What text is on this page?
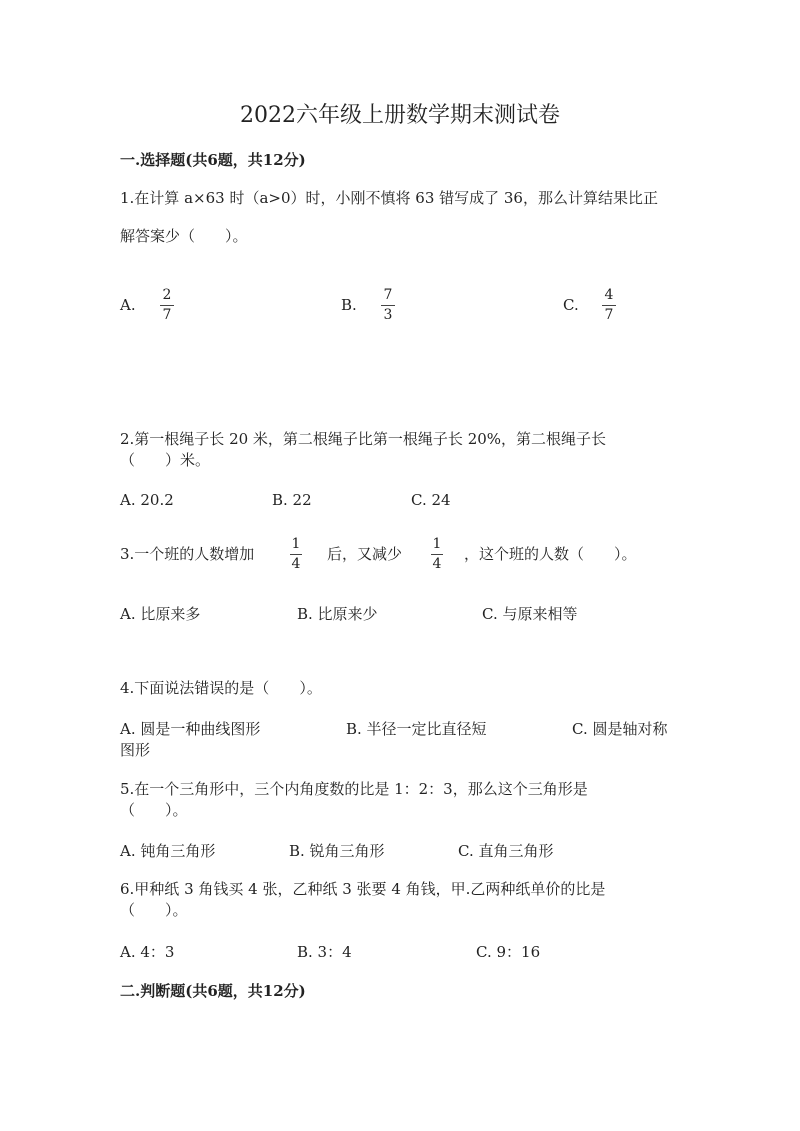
2022六年级上册数学期末测试卷
一.选择题(共6题，共12分)
1.在计算 a×63 时（a>0）时，小刚不慎将 63 错写成了 36，那么计算结果比正
解答案少（　　）。
A.
2
7
B.
7
3
C.
4
7
2.第一根绳子长 20 米，第二根绳子比第一根绳子长 20%，第二根绳子长
（　　）米。
A. 20.2	B. 22	C. 24
3.一个班的人数增加
1
4
后，又减少
1
4
，这个班的人数（　　）。
A. 比原来多	B. 比原来少	C. 与原来相等
4.下面说法错误的是（　　）。
A. 圆是一种曲线图形	B. 半径一定比直径短	C. 圆是轴对称
图形
5.在一个三角形中，三个内角度数的比是 1：2：3，那么这个三角形是
（　　）。
A. 钝角三角形	B. 锐角三角形	C. 直角三角形
6.甲种纸 3 角钱买 4 张，乙种纸 3 张要 4 角钱，甲.乙两种纸单价的比是
（　　）。
A. 4：3	B. 3：4	C. 9：16
二.判断题(共6题，共12分)
